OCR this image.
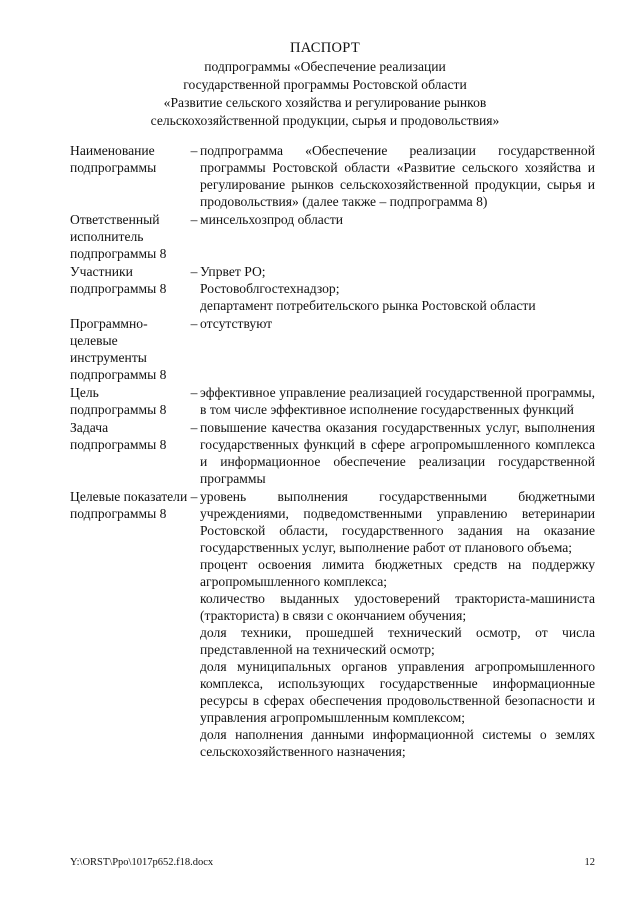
ПАСПОРТ
подпрограммы «Обеспечение реализации
государственной программы Ростовской области
«Развитие сельского хозяйства и регулирование рынков
сельскохозяйственной продукции, сырья и продовольствия»
Наименование подпрограммы
– подпрограмма «Обеспечение реализации государственной программы Ростовской области «Развитие сельского хозяйства и регулирование рынков сельскохозяйственной продукции, сырья и продовольствия» (далее также – подпрограмма 8)

Ответственный исполнитель подпрограммы 8
– минсельхозпрод области

Участники подпрограммы 8
– Упрвет РО;

Ростовоблгостехнадзор;

департамент потребительского рынка Ростовской области

Программно-целевые инструменты подпрограммы 8
– отсутствуют

Цель подпрограммы 8
– эффективное управление реализацией государственной программы, в том числе эффективное исполнение государственных функций

Задача подпрограммы 8
– повышение качества оказания государственных услуг, выполнения государственных функций в сфере агропромышленного комплекса и информационное обеспечение реализации государственной программы

Целевые показатели подпрограммы 8
– уровень выполнения государственными бюджетными учреждениями, подведомственными управлению ветеринарии Ростовской области, государственного задания на оказание государственных услуг, выполнение работ от планового объема;

процент освоения лимита бюджетных средств на поддержку агропромышленного комплекса;

количество выданных удостоверений тракториста-машиниста (тракториста) в связи с окончанием обучения;

доля техники, прошедшей технический осмотр, от числа представленной на технический осмотр;

доля муниципальных органов управления агропромышленного комплекса, использующих государственные информационные ресурсы в сферах обеспечения продовольственной безопасности и управления агропромышленным комплексом;

доля наполнения данными информационной системы о землях сельскохозяйственного назначения;

Y:\ORST\Ppo\1017p652.f18.docx	12
